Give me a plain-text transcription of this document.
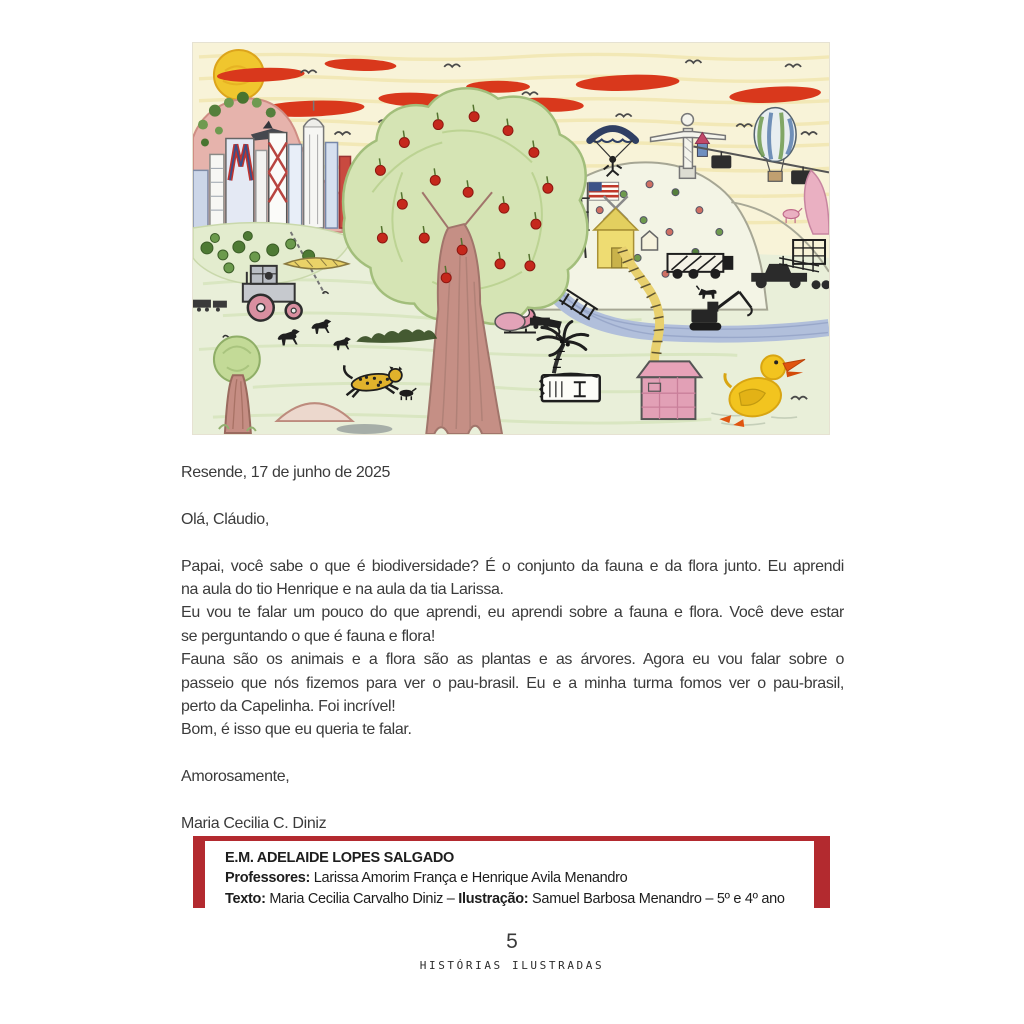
Resende, 17 de junho de 2025
Olá, Cláudio,
Papai, você sabe o que é biodiversidade? É o conjunto da fauna e da flora junto. Eu aprendi
na aula do tio Henrique e na aula da tia Larissa.
Eu vou te falar um pouco do que aprendi, eu aprendi sobre a fauna e flora. Você deve estar
se perguntando o que é fauna e flora!
Fauna são os animais e a flora são as plantas e as árvores. Agora eu vou falar sobre o
passeio que nós fizemos para ver o pau-brasil. Eu e a minha turma fomos ver o pau-brasil,
perto da Capelinha. Foi incrível!
Bom, é isso que eu queria te falar.
Amorosamente,
Maria Cecilia C. Diniz
E.M. ADELAIDE LOPES SALGADO
Professores: Larissa Amorim França e Henrique Avila Menandro
Texto: Maria Cecilia Carvalho Diniz – Ilustração: Samuel Barbosa Menandro – 5º e 4º ano
5
HISTÓRIAS ILUSTRADAS
